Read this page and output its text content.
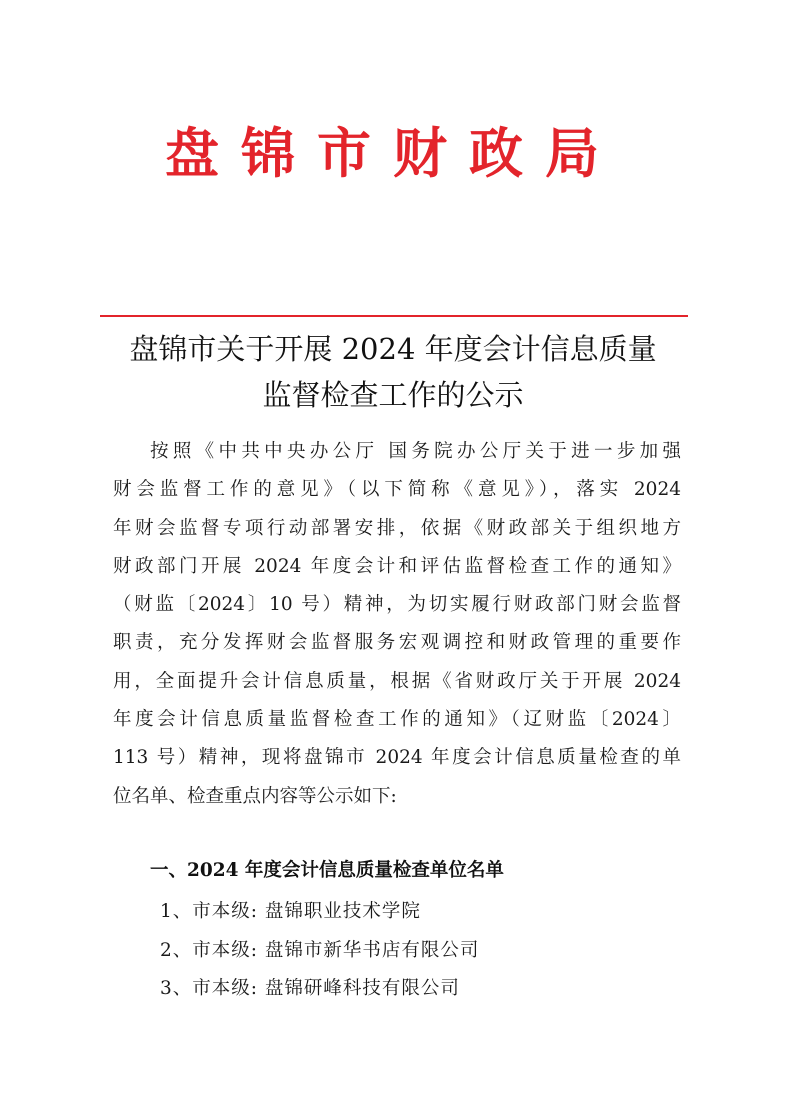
盘锦市财政局
盘锦市关于开展 2024 年度会计信息质量
监督检查工作的公示
按照《中共中央办公厅 国务院办公厅关于进一步加强
财会监督工作的意见》（以下简称《意见》），落实 2024
年财会监督专项行动部署安排，依据《财政部关于组织地方
财政部门开展 2024 年度会计和评估监督检查工作的通知》
（财监〔2024〕10 号）精神，为切实履行财政部门财会监督
职责，充分发挥财会监督服务宏观调控和财政管理的重要作
用，全面提升会计信息质量，根据《省财政厅关于开展 2024
年度会计信息质量监督检查工作的通知》（辽财监〔2024〕
113 号）精神，现将盘锦市 2024 年度会计信息质量检查的单
位名单、检查重点内容等公示如下:
一、2024 年度会计信息质量检查单位名单
1、市本级: 盘锦职业技术学院
2、市本级: 盘锦市新华书店有限公司
3、市本级: 盘锦研峰科技有限公司
